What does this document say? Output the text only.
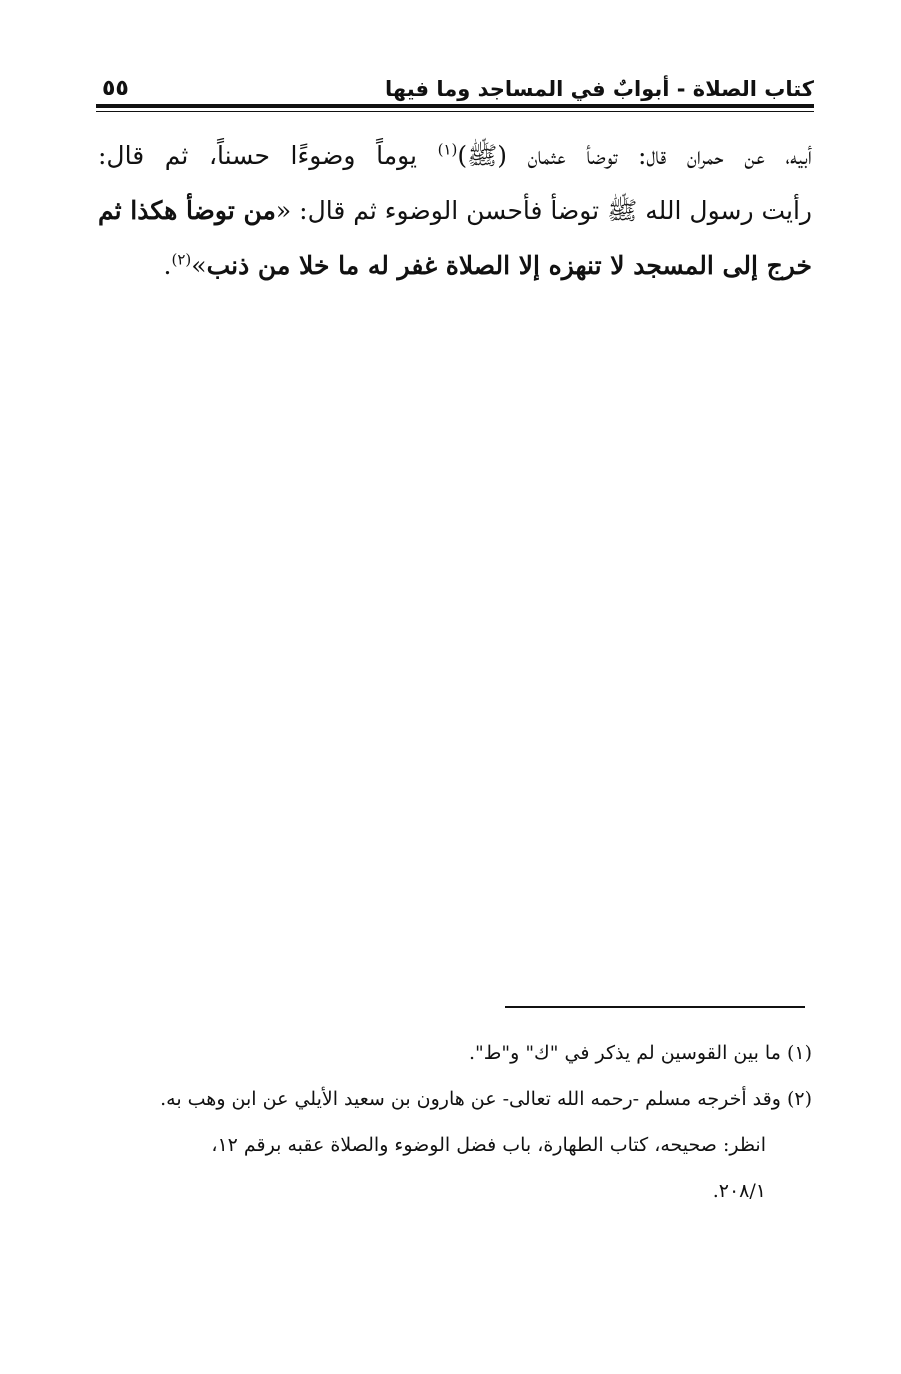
كتاب الصلاة - أبوابٌ في المساجد وما فيها
٥٥
أبيه، عن حمران قال: توضأ عثمان (ﷺ)$^{(١)}$ يوماً وضوءًا حسناً، ثم قال:
رأيت رسول الله ﷺ توضأ فأحسن الوضوء ثم قال: «من توضأ هكذا ثم
خرج إلى المسجد لا تنهزه إلا الصلاة غفر له ما خلا من ذنب»$^{(٢)}$.
(١) ما بين القوسين لم يذكر في "ك" و"ط".
(٢) وقد أخرجه مسلم -رحمه الله تعالى- عن هارون بن سعيد الأيلي عن ابن وهب به.
انظر: صحيحه، كتاب الطهارة، باب فضل الوضوء والصلاة عقبه برقم ١٢،
٢٠٨/١.
